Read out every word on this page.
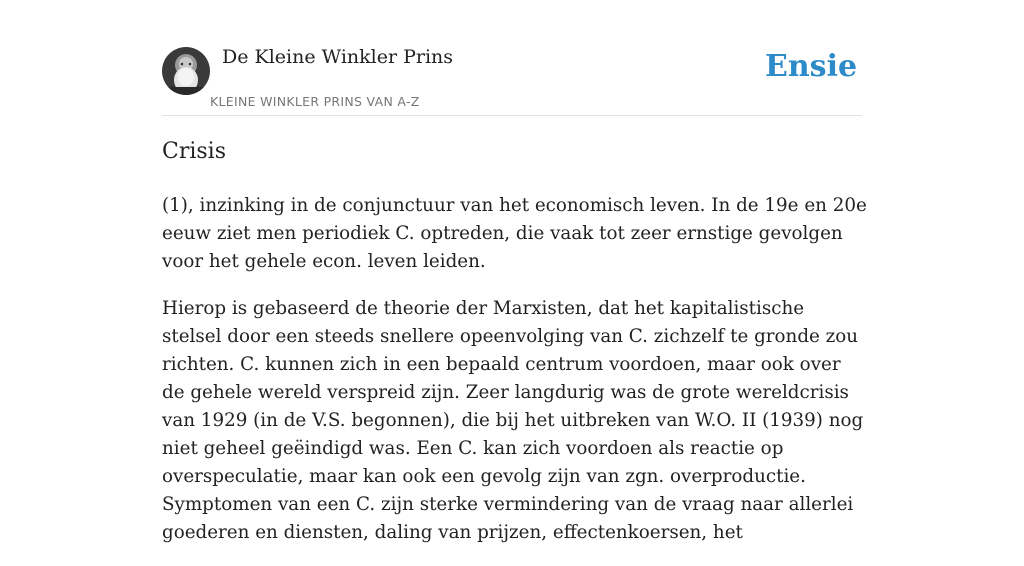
De Kleine Winkler Prins
KLEINE WINKLER PRINS VAN A-Z
Ensie
Crisis

(1), inzinking in de conjunctuur van het economisch leven. In de 19e en 20e eeuw ziet men periodiek C. optreden, die vaak tot zeer ernstige gevolgen voor het gehele econ. leven leiden.

Hierop is gebaseerd de theorie der Marxisten, dat het kapitalistische stelsel door een steeds snellere opeenvolging van C. zichzelf te gronde zou richten. C. kunnen zich in een bepaald centrum voordoen, maar ook over de gehele wereld verspreid zijn. Zeer langdurig was de grote wereldcrisis van 1929 (in de V.S. begonnen), die bij het uitbreken van W.O. II (1939) nog niet geheel geëindigd was. Een C. kan zich voordoen als reactie op overspeculatie, maar kan ook een gevolg zijn van zgn. overproductie. Symptomen van een C. zijn sterke vermindering van de vraag naar allerlei goederen en diensten, daling van prijzen, effectenkoersen, het
